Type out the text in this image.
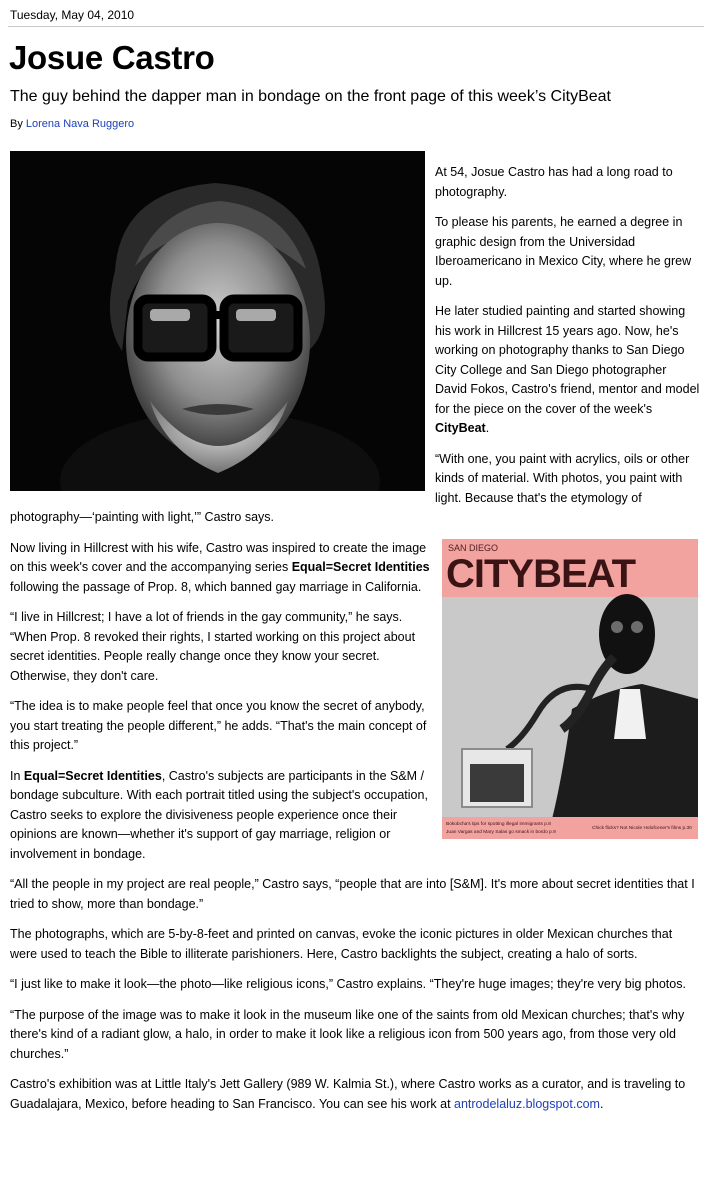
Tuesday, May 04, 2010
Josue Castro

The guy behind the dapper man in bondage on the front page of this week’s CityBeat

By Lorena Nava Ruggero

At 54, Josue Castro has had a long road to photography.

To please his parents, he earned a degree in graphic design from the Universidad Iberoamericano in Mexico City, where he grew up.

He later studied painting and started showing his work in Hillcrest 15 years ago. Now, he's working on photography thanks to San Diego City College and San Diego photographer David Fokos, Castro's friend, mentor and model for the piece on the cover of the week's CityBeat.

“With one, you paint with acrylics, oils or other kinds of material. With photos, you paint with light. Because that's the etymology of photography—‘painting with light,’” Castro says.

SAN DIEGO
CITYBEAT
Bokobcha's tips for spotting illegal immigrants p.8
Juan Vargas and Mary Salas go smack in bordo p.9
Chick flicks? Not Nicole Holofcener's films p.30

Now living in Hillcrest with his wife, Castro was inspired to create the image on this week's cover and the accompanying series Equal=Secret Identities following the passage of Prop. 8, which banned gay marriage in California.

“I live in Hillcrest; I have a lot of friends in the gay community,” he says. “When Prop. 8 revoked their rights, I started working on this project about secret identities. People really change once they know your secret. Otherwise, they don't care.

“The idea is to make people feel that once you know the secret of anybody, you start treating the people different,” he adds. “That's the main concept of this project.”

In Equal=Secret Identities, Castro's subjects are participants in the S&M / bondage subculture. With each portrait titled using the subject's occupation, Castro seeks to explore the divisiveness people experience once their opinions are known—whether it's support of gay marriage, religion or involvement in bondage.

“All the people in my project are real people,” Castro says, “people that are into [S&M]. It's more about secret identities that I tried to show, more than bondage.”

The photographs, which are 5-by-8-feet and printed on canvas, evoke the iconic pictures in older Mexican churches that were used to teach the Bible to illiterate parishioners. Here, Castro backlights the subject, creating a halo of sorts.

“I just like to make it look—the photo—like religious icons,” Castro explains. “They're huge images; they're very big photos.

“The purpose of the image was to make it look in the museum like one of the saints from old Mexican churches; that's why there's kind of a radiant glow, a halo, in order to make it look like a religious icon from 500 years ago, from those very old churches.”

Castro's exhibition was at Little Italy's Jett Gallery (989 W. Kalmia St.), where Castro works as a curator, and is traveling to Guadalajara, Mexico, before heading to San Francisco. You can see his work at antrodelaluz.blogspot.com.
